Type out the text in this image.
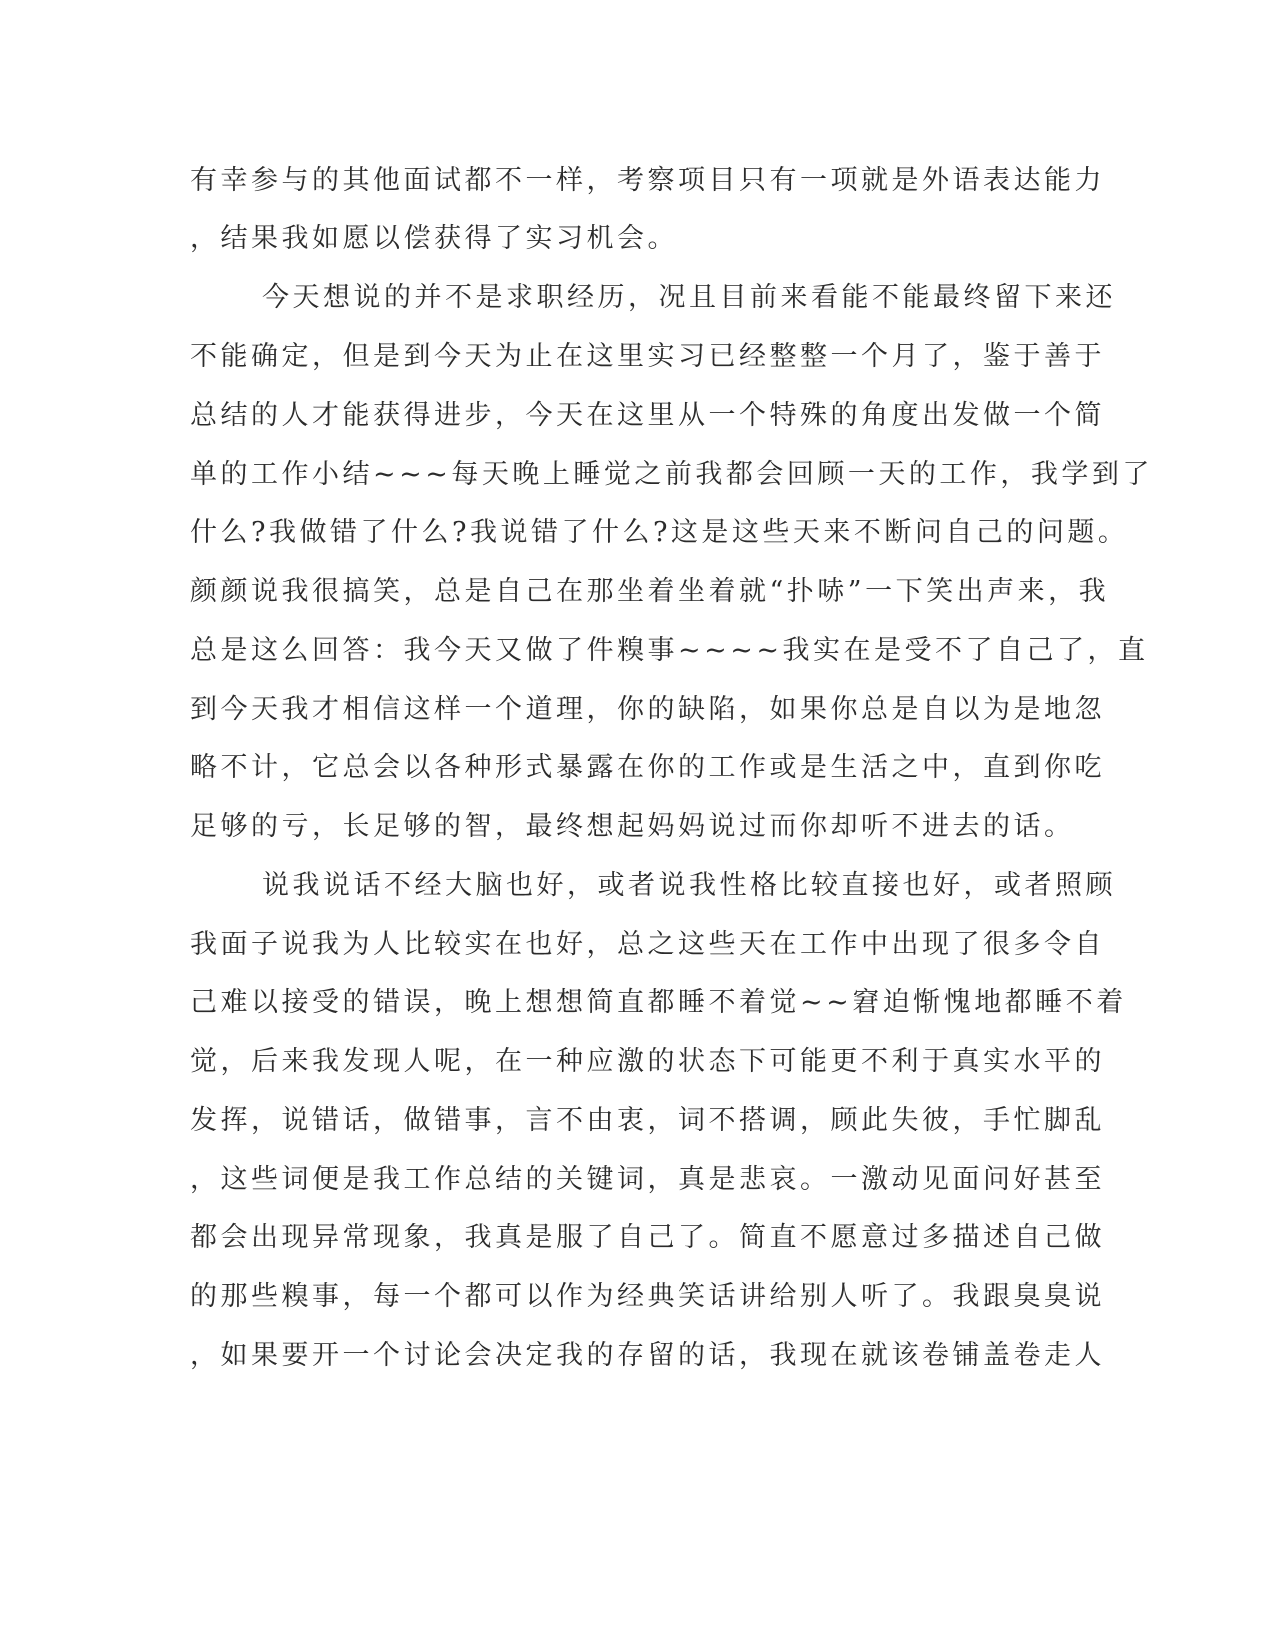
有幸参与的其他面试都不一样，考察项目只有一项就是外语表达能力
，结果我如愿以偿获得了实习机会。
今天想说的并不是求职经历，况且目前来看能不能最终留下来还
不能确定，但是到今天为止在这里实习已经整整一个月了，鉴于善于
总结的人才能获得进步，今天在这里从一个特殊的角度出发做一个简
单的工作小结~~~每天晚上睡觉之前我都会回顾一天的工作，我学到了
什么?我做错了什么?我说错了什么?这是这些天来不断问自己的问题。
颜颜说我很搞笑，总是自己在那坐着坐着就“扑哧”一下笑出声来，我
总是这么回答：我今天又做了件糗事~~~~我实在是受不了自己了，直
到今天我才相信这样一个道理，你的缺陷，如果你总是自以为是地忽
略不计，它总会以各种形式暴露在你的工作或是生活之中，直到你吃
足够的亏，长足够的智，最终想起妈妈说过而你却听不进去的话。
说我说话不经大脑也好，或者说我性格比较直接也好，或者照顾
我面子说我为人比较实在也好，总之这些天在工作中出现了很多令自
己难以接受的错误，晚上想想简直都睡不着觉~~窘迫惭愧地都睡不着
觉，后来我发现人呢，在一种应激的状态下可能更不利于真实水平的
发挥，说错话，做错事，言不由衷，词不搭调，顾此失彼，手忙脚乱
，这些词便是我工作总结的关键词，真是悲哀。一激动见面问好甚至
都会出现异常现象，我真是服了自己了。简直不愿意过多描述自己做
的那些糗事，每一个都可以作为经典笑话讲给别人听了。我跟臭臭说
，如果要开一个讨论会决定我的存留的话，我现在就该卷铺盖卷走人
